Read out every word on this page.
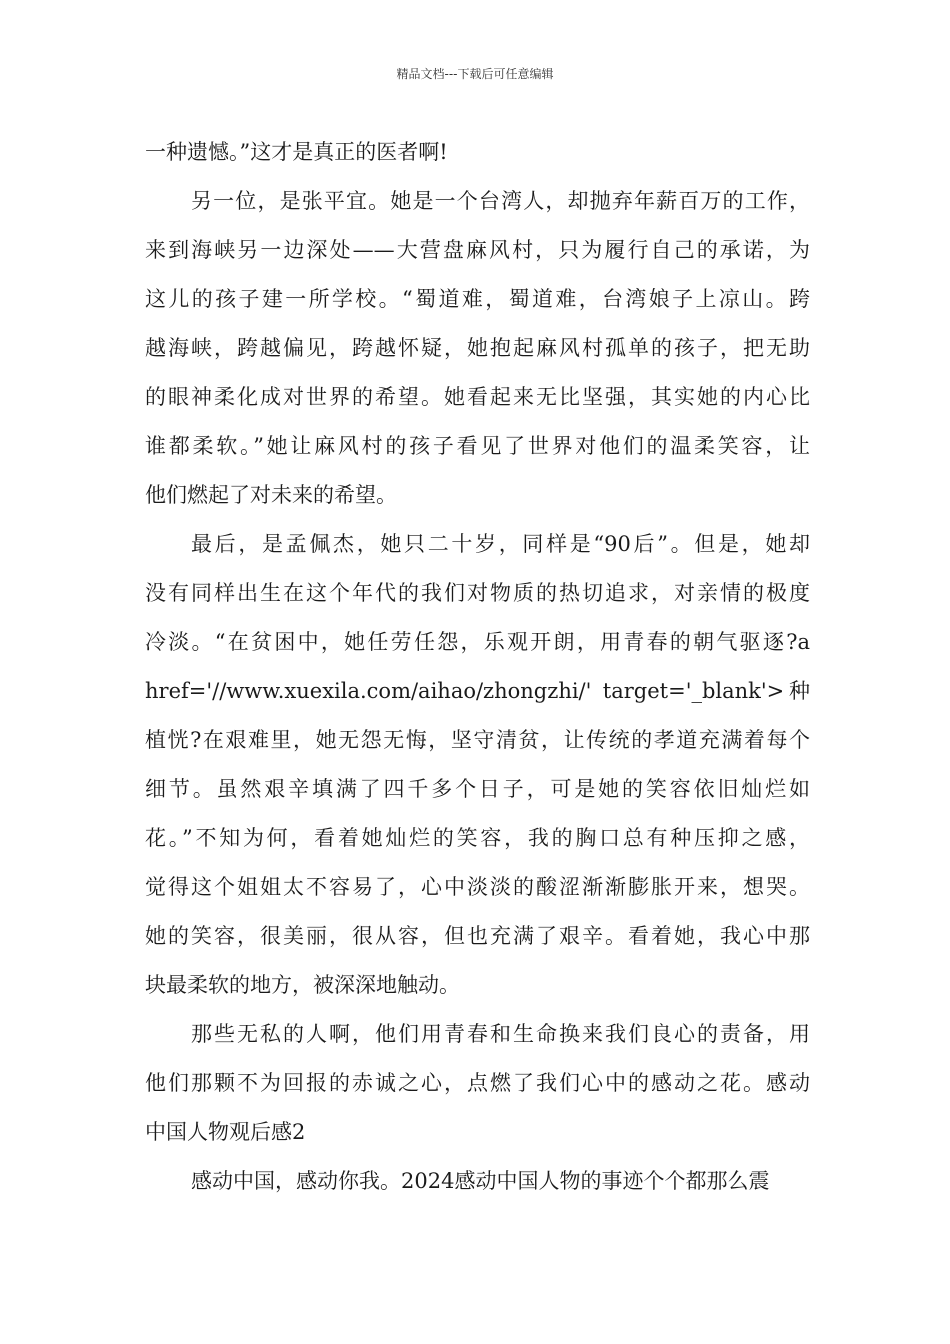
精品文档---下载后可任意编辑
一种遗憾。”这才是真正的医者啊!
另一位，是张平宜。她是一个台湾人，却抛弃年薪百万的工作，
来到海峡另一边深处——大营盘麻风村，只为履行自己的承诺，为
这儿的孩子建一所学校。“蜀道难，蜀道难，台湾娘子上凉山。跨
越海峡，跨越偏见，跨越怀疑，她抱起麻风村孤单的孩子，把无助
的眼神柔化成对世界的希望。她看起来无比坚强，其实她的内心比
谁都柔软。”她让麻风村的孩子看见了世界对他们的温柔笑容，让
他们燃起了对未来的希望。
最后，是孟佩杰，她只二十岁，同样是“90后”。但是，她却
没有同样出生在这个年代的我们对物质的热切追求，对亲情的极度
冷淡。“在贫困中，她任劳任怨，乐观开朗，用青春的朝气驱逐?a
href='//www.xuexila.com/aihao/zhongzhi/' target='_blank'>种
植恍?在艰难里，她无怨无悔，坚守清贫，让传统的孝道充满着每个
细节。虽然艰辛填满了四千多个日子，可是她的笑容依旧灿烂如
花。”不知为何，看着她灿烂的笑容，我的胸口总有种压抑之感，
觉得这个姐姐太不容易了，心中淡淡的酸涩渐渐膨胀开来，想哭。
她的笑容，很美丽，很从容，但也充满了艰辛。看着她，我心中那
块最柔软的地方，被深深地触动。
那些无私的人啊，他们用青春和生命换来我们良心的责备，用
他们那颗不为回报的赤诚之心，点燃了我们心中的感动之花。感动
中国人物观后感2
感动中国，感动你我。2024感动中国人物的事迹个个都那么震
